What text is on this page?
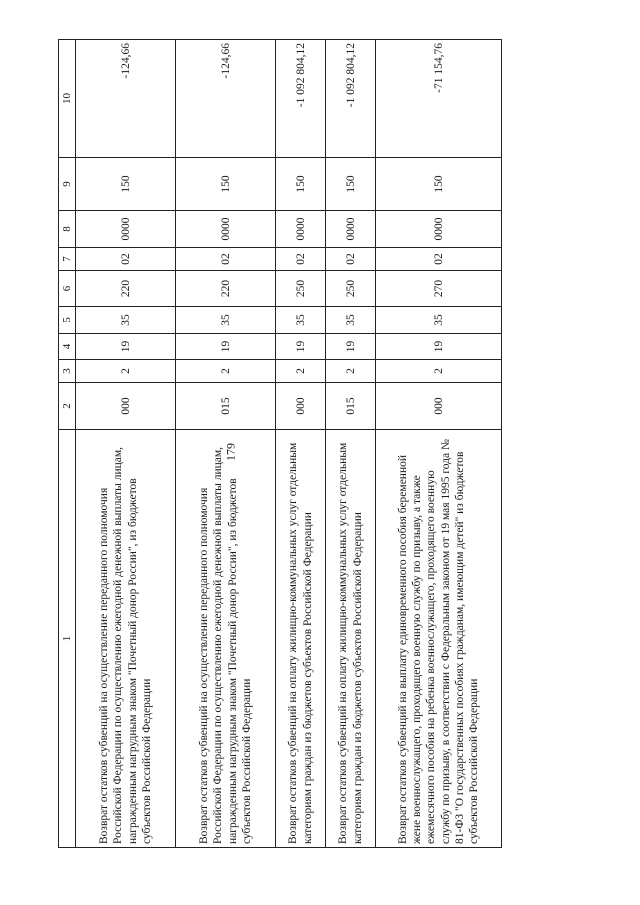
179
1	2	3	4	5	6	7	8	9	10
Возврат остатков субвенций на осуществление переданного полномочия Российской Федерации по осуществлению ежегодной денежной выплаты лицам, награжденным нагрудным знаком "Почетный донор России", из бюджетов субъектов Российской Федерации	000	2	19	35	220	02	0000	150	-124,66
Возврат остатков субвенций на осуществление переданного полномочия Российской Федерации по осуществлению ежегодной денежной выплаты лицам, награжденным нагрудным знаком "Почетный донор России", из бюджетов субъектов Российской Федерации	015	2	19	35	220	02	0000	150	-124,66
Возврат остатков субвенций на оплату жилищно-коммунальных услуг отдельным категориям граждан из бюджетов субъектов Российской Федерации	000	2	19	35	250	02	0000	150	-1 092 804,12
Возврат остатков субвенций на оплату жилищно-коммунальных услуг отдельным категориям граждан из бюджетов субъектов Российской Федерации	015	2	19	35	250	02	0000	150	-1 092 804,12
Возврат остатков субвенций на выплату единовременного пособия беременной жене военнослужащего, проходящего военную службу по призыву, а также ежемесячного пособия на ребенка военнослужащего, проходящего военную службу по призыву, в соответствии с Федеральным законом от 19 мая 1995 года № 81-ФЗ "О государственных пособиях гражданам, имеющим детей" из бюджетов субъектов Российской Федерации	000	2	19	35	270	02	0000	150	-71 154,76
